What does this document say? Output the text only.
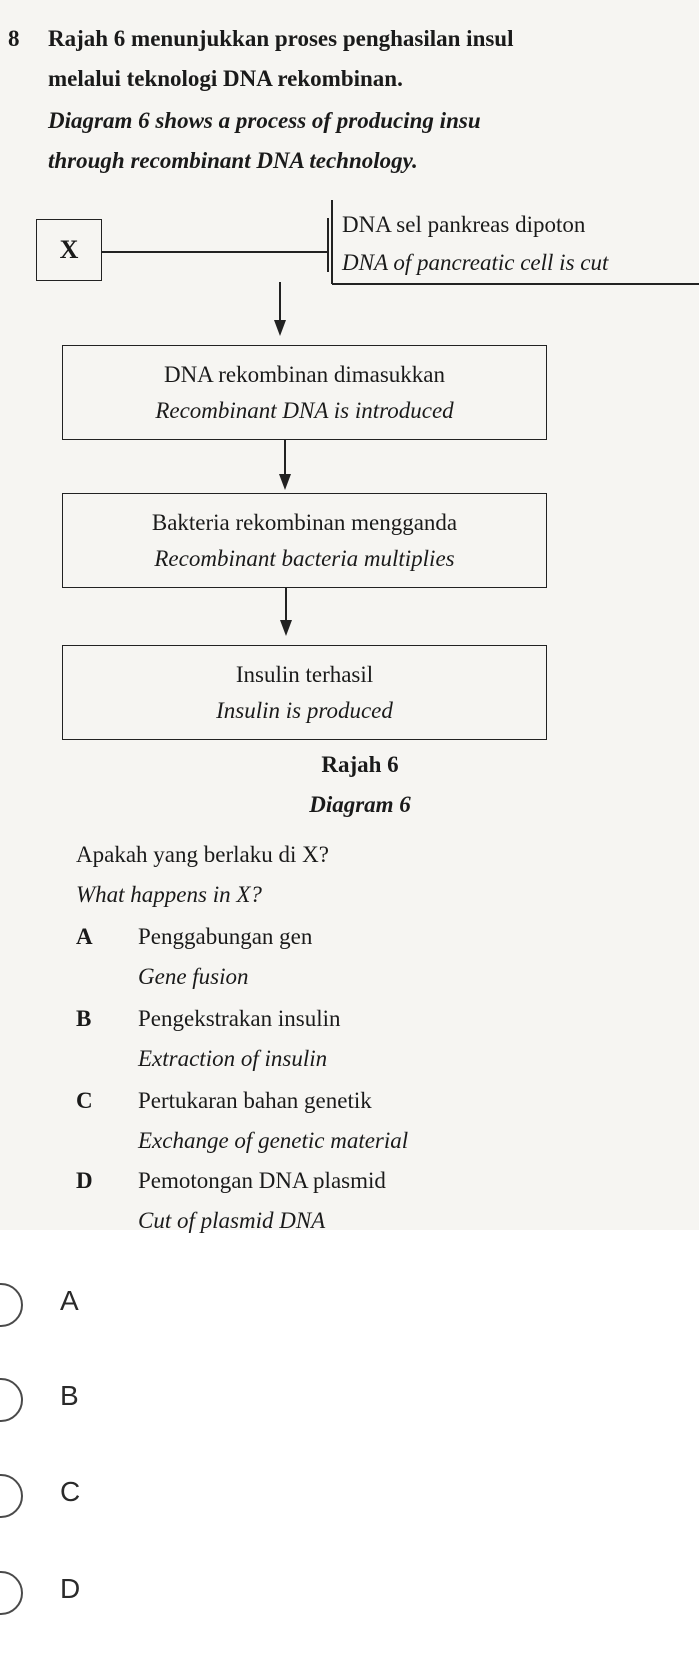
8 Rajah 6 menunjukkan proses penghasilan insul
melalui teknologi DNA rekombinan.
Diagram 6 shows a process of producing insu
through recombinant DNA technology.
X
DNA sel pankreas dipoton
DNA of pancreatic cell is cut
DNA rekombinan dimasukkan
Recombinant DNA is introduced
Bakteria rekombinan mengganda
Recombinant bacteria multiplies
Insulin terhasil
Insulin is produced
Rajah 6
Diagram 6
Apakah yang berlaku di X?
What happens in X?
A Penggabungan gen
Gene fusion
B Pengekstrakan insulin
Extraction of insulin
C Pertukaran bahan genetik
Exchange of genetic material
D Pemotongan DNA plasmid
Cut of plasmid DNA
A
B
C
D
